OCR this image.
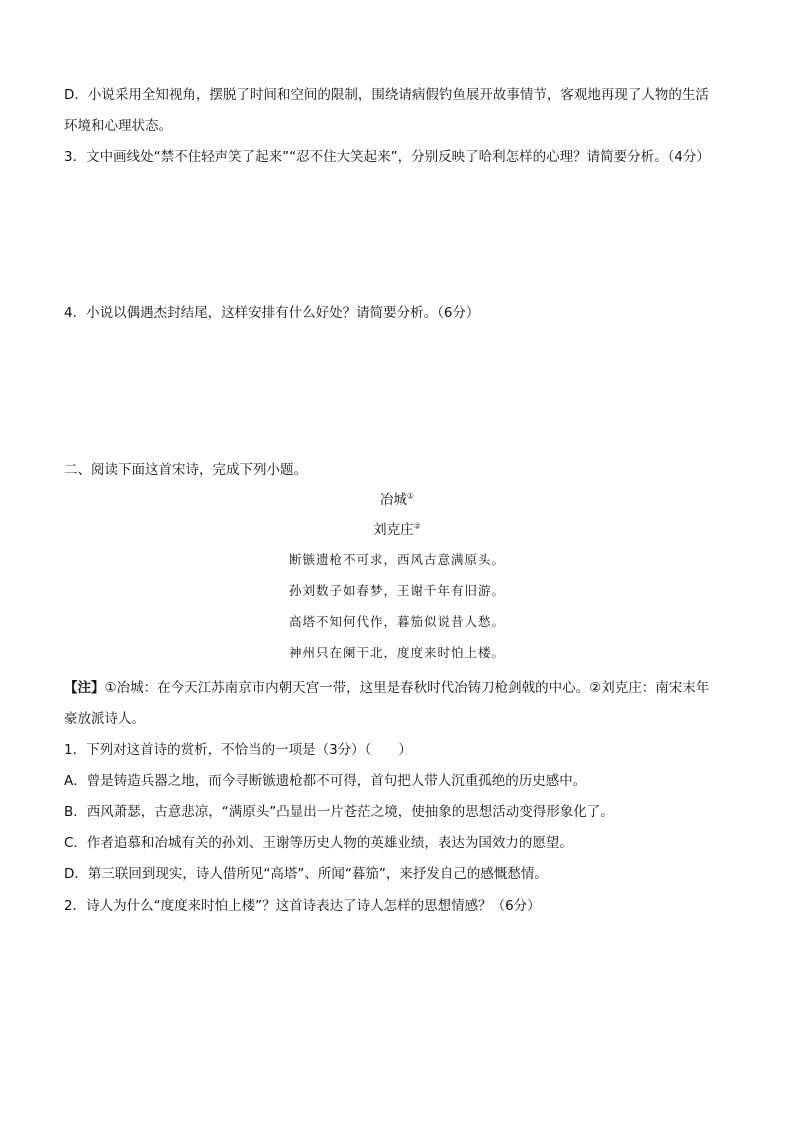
D．小说采用全知视角，摆脱了时间和空间的限制，围绕请病假钓鱼展开故事情节，客观地再现了人物的生活
环境和心理状态。
3．文中画线处“禁不住轻声笑了起来”“忍不住大笑起来”，分别反映了哈利怎样的心理？请简要分析。（4分）
4．小说以偶遇杰封结尾，这样安排有什么好处？请简要分析。（6分）
二、阅读下面这首宋诗，完成下列小题。
冶城①
刘克庄②
断镞遗枪不可求，西风古意满原头。
孙刘数子如春梦，王谢千年有旧游。
高塔不知何代作，暮笳似说昔人愁。
神州只在阑干北，度度来时怕上楼。
【注】①冶城：在今天江苏南京市内朝天宫一带，这里是春秋时代冶铸刀枪剑戟的中心。②刘克庄：南宋末年
豪放派诗人。
1．下列对这首诗的赏析，不恰当的一项是（3分）（　　）
A．曾是铸造兵器之地，而今寻断镞遗枪都不可得，首句把人带人沉重孤绝的历史感中。
B．西风萧瑟，古意悲凉，“满原头”凸显出一片苍茫之境，使抽象的思想活动变得形象化了。
C．作者追慕和冶城有关的孙刘、王谢等历史人物的英雄业绩，表达为国效力的愿望。
D．第三联回到现实，诗人借所见“高塔”、所闻“暮笳”，来抒发自己的感慨愁情。
2．诗人为什么“度度来时怕上楼”？这首诗表达了诗人怎样的思想情感？（6分）
